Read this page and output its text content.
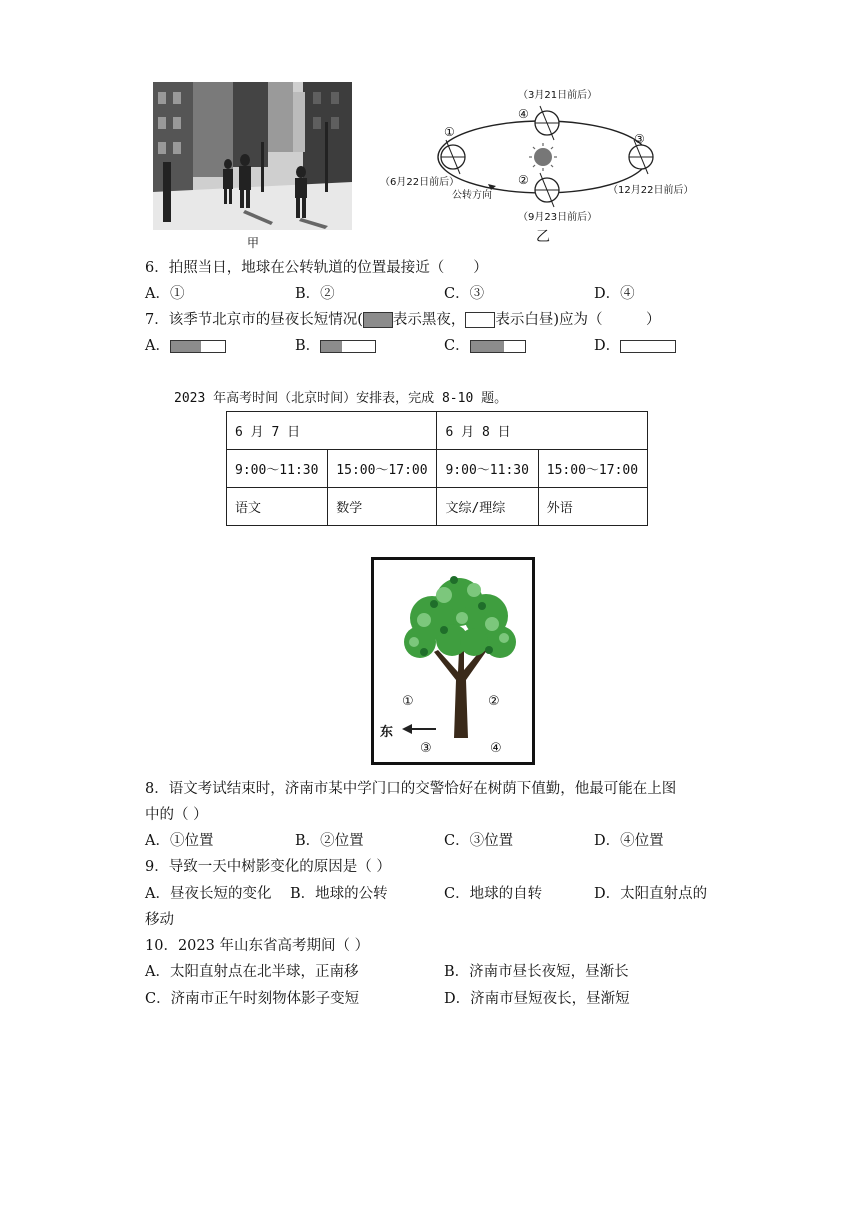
甲
①
④
③
②
（3月21日前后）
（6月22日前后）
（12月22日前后）
（9月23日前后）
公转方向
乙
6．拍照当日，地球在公转轨道的位置最接近（　　）
A．①	B．②	C．③	D．④
7．该季节北京市的昼夜长短情况( 表示黑夜， 表示白昼)应为（　　　）
A．	B．	C．	D．
2023 年高考时间（北京时间）安排表，完成 8-10 题。
6 月 7 日		6 月 8 日	
9:00～11:30	15:00～17:00	9:00～11:30	15:00～17:00
语文	数学	文综/理综	外语
①	②
③	④
东
8．语文考试结束时，济南市某中学门口的交警恰好在树荫下值勤，他最可能在上图
中的（ ）
A．①位置	B．②位置	C．③位置	D．④位置
9．导致一天中树影变化的原因是（ ）
A．昼夜长短的变化 B．地球的公转	C．地球的自转	D．太阳直射点的
移动
10．2023 年山东省高考期间（ ）
A．太阳直射点在北半球，正南移	B．济南市昼长夜短，昼渐长
C．济南市正午时刻物体影子变短	D．济南市昼短夜长，昼渐短
